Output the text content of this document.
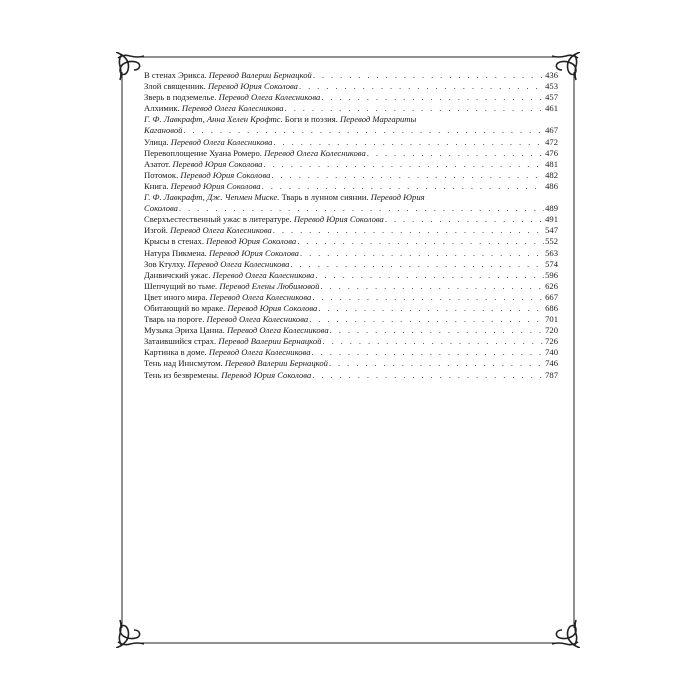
В стенах Эрикса. Перевод Валерии Бернацкой . . .	436
Злой священник. Перевод Юрия Соколова . . .	453
Зверь в подземелье. Перевод Олега Колесникова . . .	457
Алхимик. Перевод Олега Колесникова . . .	461
Г. Ф. Лавкрафт, Анна Хелен Крофтс. Боги и поэзия. Перевод Маргариты
Кагановой . . .	467
Улица. Перевод Олега Колесникова . . .	472
Перевоплощение Хуана Ромеро. Перевод Олега Колесникова . . .	476
Азатот. Перевод Юрия Соколова . . .	481
Потомок. Перевод Юрия Соколова . . .	482
Книга. Перевод Юрия Соколова . . .	486
Г. Ф. Лавкрафт, Дж. Чепмен Миске. Тварь в лунном сиянии. Перевод Юрия
Соколова . . .	489
Сверхъестественный ужас в литературе. Перевод Юрия Соколова . . .	491
Изгой. Перевод Олега Колесникова . . .	547
Крысы в стенах. Перевод Юрия Соколова . . .	552
Натура Пикмена. Перевод Юрия Соколова . . .	563
Зов Ктулху. Перевод Олега Колесникова . . .	574
Данвичский ужас. Перевод Олега Колесникова . . .	596
Шепчущий во тьме. Перевод Елены Любимовой . . .	626
Цвет иного мира. Перевод Олега Колесникова . . .	667
Обитающий во мраке. Перевод Юрия Соколова . . .	686
Тварь на пороге. Перевод Олега Колесникова . . .	701
Музыка Эриха Цанна. Перевод Олега Колесникова . . .	720
Затаившийся страх. Перевод Валерии Бернацкой . . .	726
Картинка в доме. Перевод Олега Колесникова . . .	740
Тень над Иннсмутом. Перевод Валерии Бернацкой . . .	746
Тень из безвремены. Перевод Юрия Соколова . . .	787
